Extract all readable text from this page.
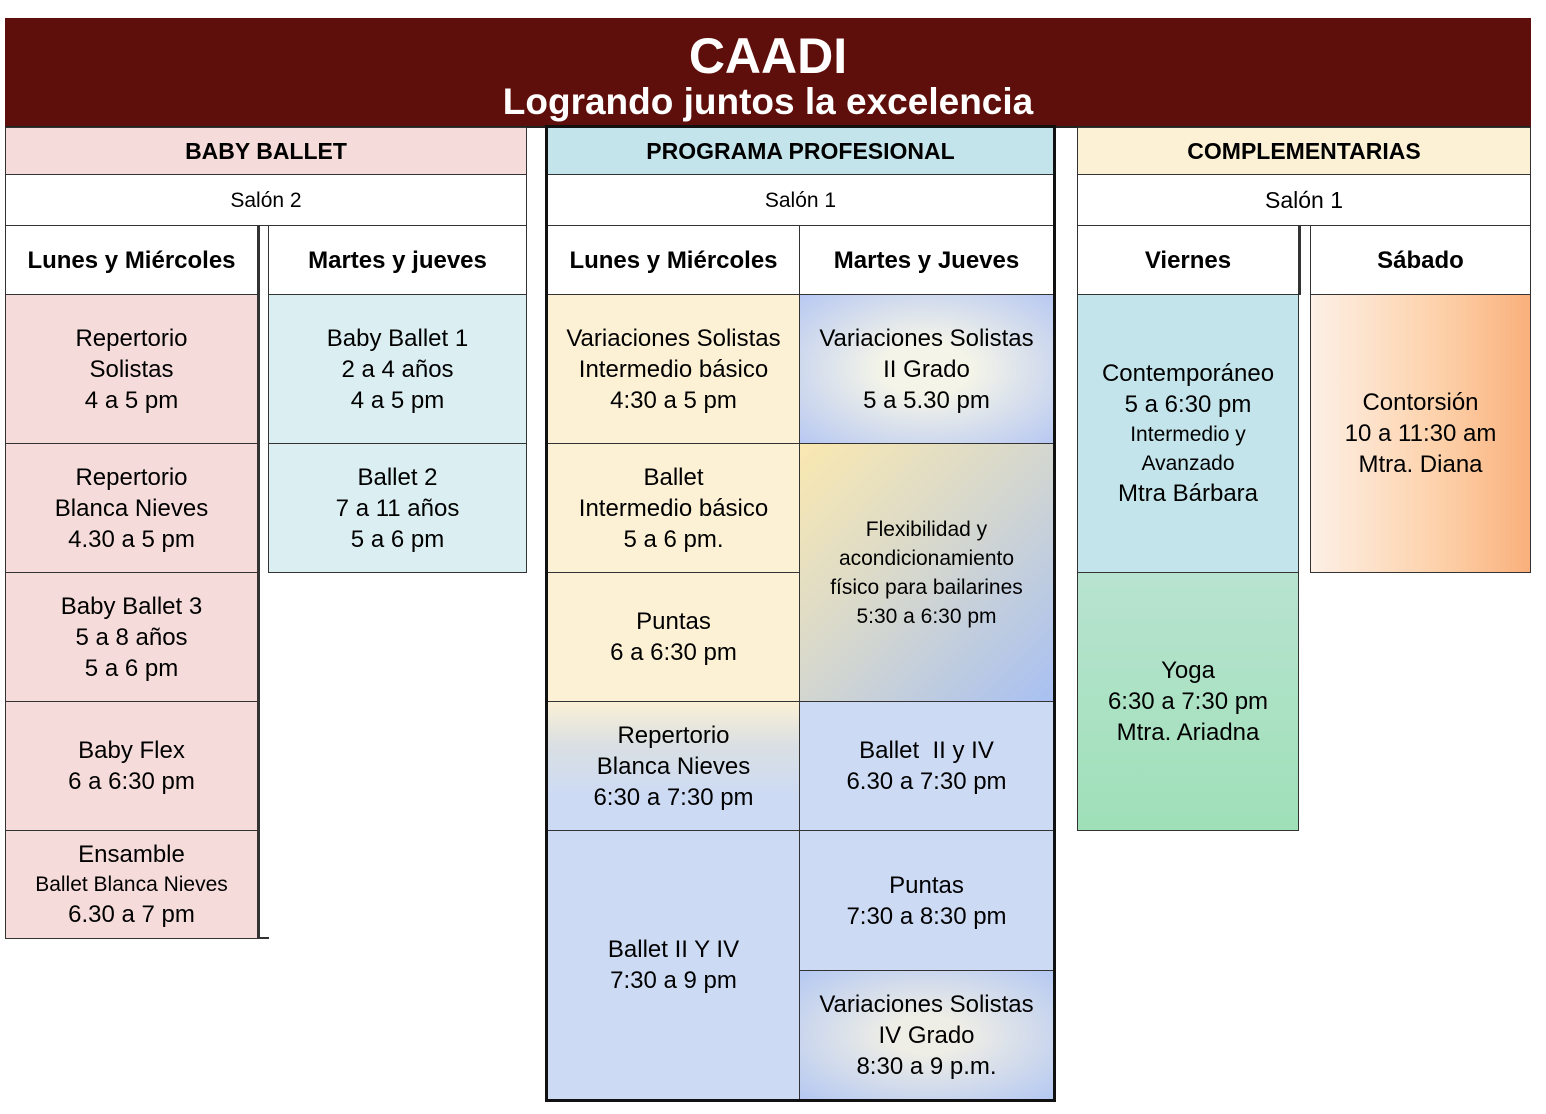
CAADI
Logrando juntos la excelencia
BABY BALLET
Salón 2
Lunes y Miércoles	Martes y jueves
Repertorio
Solistas
4 a 5 pm
Repertorio
Blanca Nieves
4.30 a 5 pm
Baby Ballet 3
5 a 8 años
5 a 6 pm
Baby Flex
6 a 6:30 pm
Ensamble
Ballet Blanca Nieves
6.30 a 7 pm
Baby Ballet 1
2 a 4 años
4 a 5 pm
Ballet 2
7 a 11 años
5 a 6 pm
PROGRAMA PROFESIONAL
Salón 1
Lunes y Miércoles Martes y Jueves
Variaciones Solistas
Intermedio básico
4:30 a 5 pm
Ballet
Intermedio básico
5 a 6 pm.
Puntas
6 a 6:30 pm
Repertorio
Blanca Nieves
6:30 a 7:30 pm
Ballet II Y IV
7:30 a 9 pm
Variaciones Solistas
II Grado
5 a 5.30 pm
Flexibilidad y
acondicionamiento
físico para bailarines
5:30 a 6:30 pm
Ballet  II y IV
6.30 a 7:30 pm
Puntas
7:30 a 8:30 pm
Variaciones Solistas
IV Grado
8:30 a 9 p.m.
COMPLEMENTARIAS
Salón 1
Viernes	Sábado
Contemporáneo
5 a 6:30 pm
Intermedio y
Avanzado
Mtra Bárbara
Yoga
6:30 a 7:30 pm
Mtra. Ariadna
Contorsión
10 a 11:30 am
Mtra. Diana
